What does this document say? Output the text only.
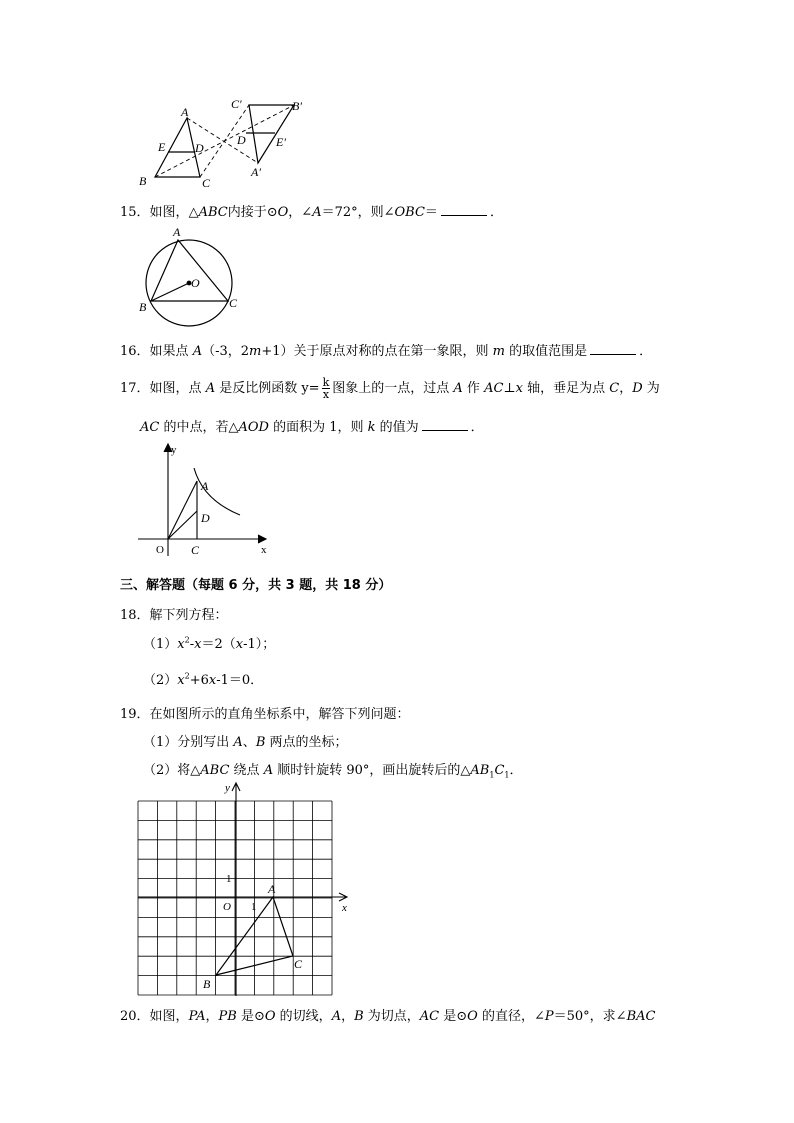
A
E D
B	C
C′	B′
D	E′
A′
15．如图，△ABC内接于⊙O，∠A＝72°，则∠OBC＝	．
A
B	C
O
16．如果点 A（-3，2m+1）关于原点对称的点在第一象限，则 m 的取值范围是	．
17．如图，点 A 是反比例函数 $y= \frac{k}{x}$ 图象上的一点，过点 A 作 AC⊥x 轴，垂足为点 C，D 为
AC 的中点，若△AOD 的面积为 1，则 k 的值为	．
y
x
O
A
D
C
三、解答题（每题 6 分，共 3 题，共 18 分）
18．解下列方程：
$(1)x^2-x=2(x-1)$；
$(2)x^2+6x-1=0$．
19．在如图所示的直角坐标系中，解答下列问题：
（1）分别写出 A、B 两点的坐标；
（2）将△ABC 绕点 A 顺时针旋转 90°，画出旋转后的$\triangle AB_1C_1$．
y
x
O
1
1
A
B
C
20．如图，PA，PB 是⊙O 的切线，A，B 为切点，AC 是⊙O 的直径，∠P＝50°，求∠BAC
